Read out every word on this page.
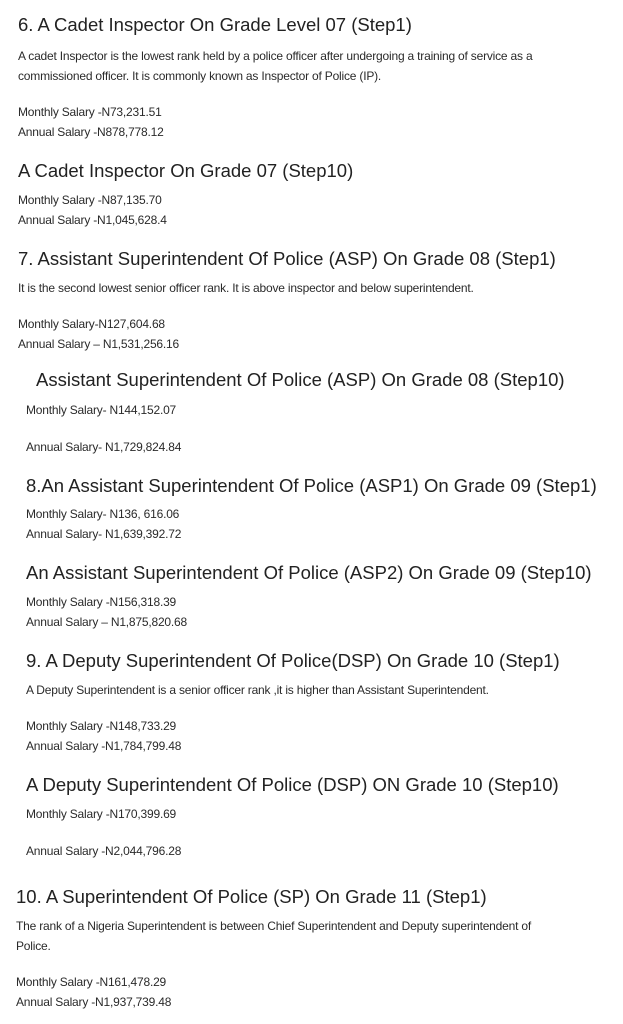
6. A Cadet Inspector On Grade Level 07 (Step1)
A cadet Inspector is the lowest rank held by a police officer after undergoing a training of service as a
commissioned officer. It is commonly known as Inspector of Police (IP).
Monthly Salary -N73,231.51
Annual Salary -N878,778.12
A Cadet Inspector On Grade 07 (Step10)
Monthly Salary -N87,135.70
Annual Salary -N1,045,628.4
7. Assistant Superintendent Of Police (ASP) On Grade 08 (Step1)
It is the second lowest senior officer rank. It is above inspector and below superintendent.
Monthly Salary-N127,604.68
Annual Salary – N1,531,256.16
Assistant Superintendent Of Police (ASP) On Grade 08 (Step10)
Monthly Salary- N144,152.07
Annual Salary- N1,729,824.84
8.An Assistant Superintendent Of Police (ASP1) On Grade 09 (Step1)
Monthly Salary- N136, 616.06
Annual Salary- N1,639,392.72
An Assistant Superintendent Of Police (ASP2) On Grade 09 (Step10)
Monthly Salary -N156,318.39
Annual Salary – N1,875,820.68
9. A Deputy Superintendent Of Police(DSP) On Grade 10 (Step1)
A Deputy Superintendent is a senior officer rank ,it is higher than Assistant Superintendent.
Monthly Salary -N148,733.29
Annual Salary -N1,784,799.48
A Deputy Superintendent Of Police (DSP) ON Grade 10 (Step10)
Monthly Salary -N170,399.69
Annual Salary -N2,044,796.28
10. A Superintendent Of Police (SP) On Grade 11 (Step1)
The rank of a Nigeria Superintendent is between Chief Superintendent and Deputy superintendent of
Police.
Monthly Salary -N161,478.29
Annual Salary -N1,937,739.48
